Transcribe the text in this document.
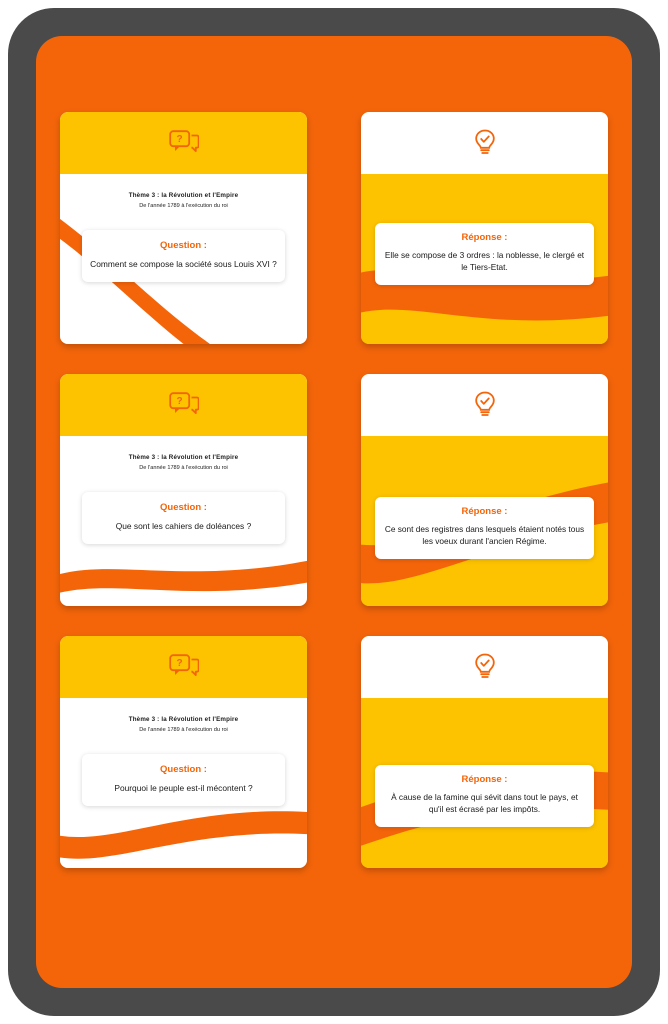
?
Thème 3 : la Révolution et l'Empire
De l'année 1789 à l'exécution du roi
Question :
Comment se compose la société sous Louis XVI ?
Réponse :
Elle se compose de 3 ordres : la noblesse, le clergé et le Tiers-Etat.
?
Thème 3 : la Révolution et l'Empire
De l'année 1789 à l'exécution du roi
Question :
Que sont les cahiers de doléances ?
Réponse :
Ce sont des registres dans lesquels étaient notés tous les voeux durant l'ancien Régime.
?
Thème 3 : la Révolution et l'Empire
De l'année 1789 à l'exécution du roi
Question :
Pourquoi le peuple est-il mécontent ?
Réponse :
À cause de la famine qui sévit dans tout le pays, et qu'il est écrasé par les impôts.
